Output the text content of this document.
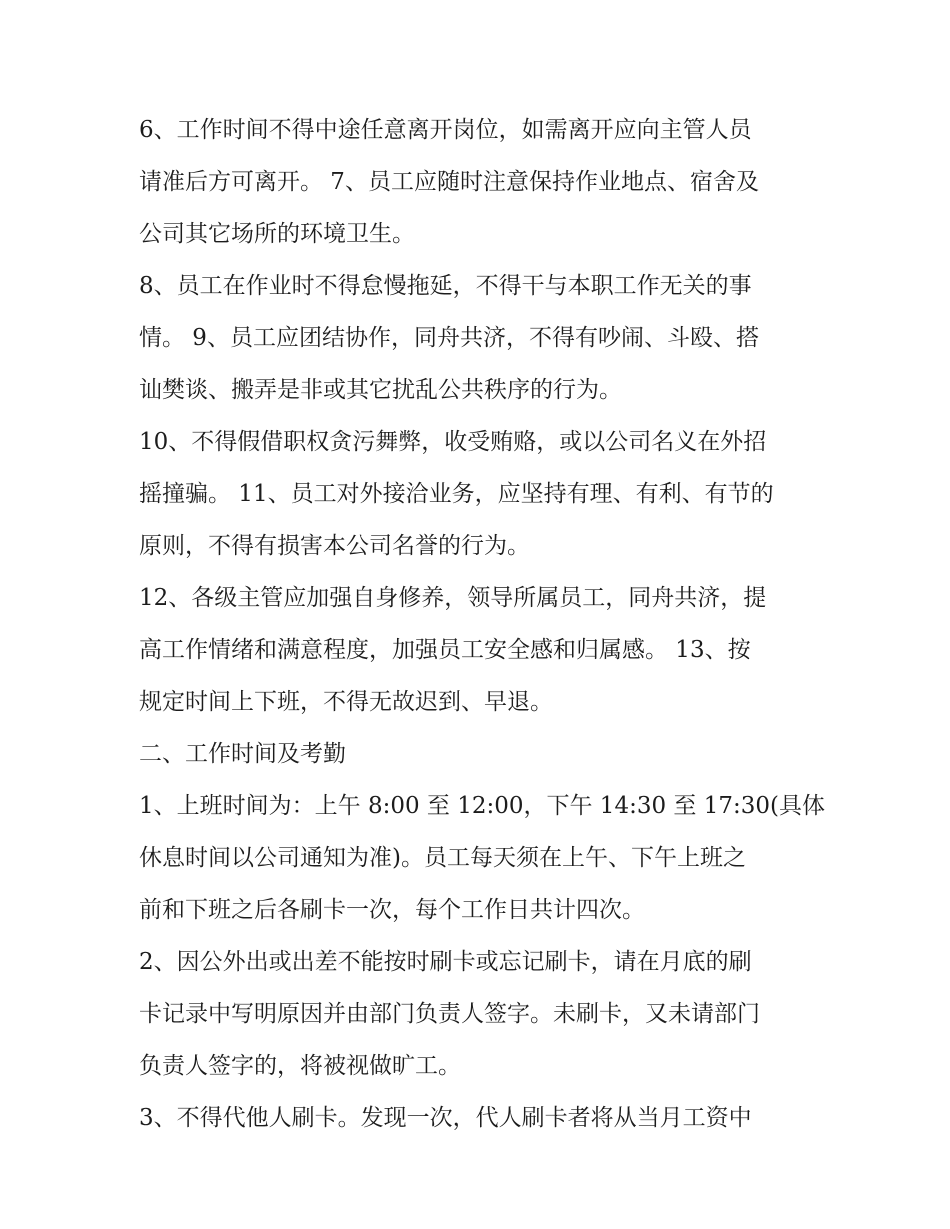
6、工作时间不得中途任意离开岗位，如需离开应向主管人员
请准后方可离开。 7、员工应随时注意保持作业地点、宿舍及
公司其它场所的环境卫生。
8、员工在作业时不得怠慢拖延，不得干与本职工作无关的事
情。 9、员工应团结协作，同舟共济，不得有吵闹、斗殴、搭
讪樊谈、搬弄是非或其它扰乱公共秩序的行为。
10、不得假借职权贪污舞弊，收受贿赂，或以公司名义在外招
摇撞骗。 11、员工对外接洽业务，应坚持有理、有利、有节的
原则，不得有损害本公司名誉的行为。
12、各级主管应加强自身修养，领导所属员工，同舟共济，提
高工作情绪和满意程度，加强员工安全感和归属感。 13、按
规定时间上下班，不得无故迟到、早退。
二、工作时间及考勤
1、上班时间为：上午 8:00 至 12:00，下午 14:30 至 17:30(具体
休息时间以公司通知为准)。员工每天须在上午、下午上班之
前和下班之后各刷卡一次，每个工作日共计四次。
2、因公外出或出差不能按时刷卡或忘记刷卡，请在月底的刷
卡记录中写明原因并由部门负责人签字。未刷卡，又未请部门
负责人签字的，将被视做旷工。
3、不得代他人刷卡。发现一次，代人刷卡者将从当月工资中
